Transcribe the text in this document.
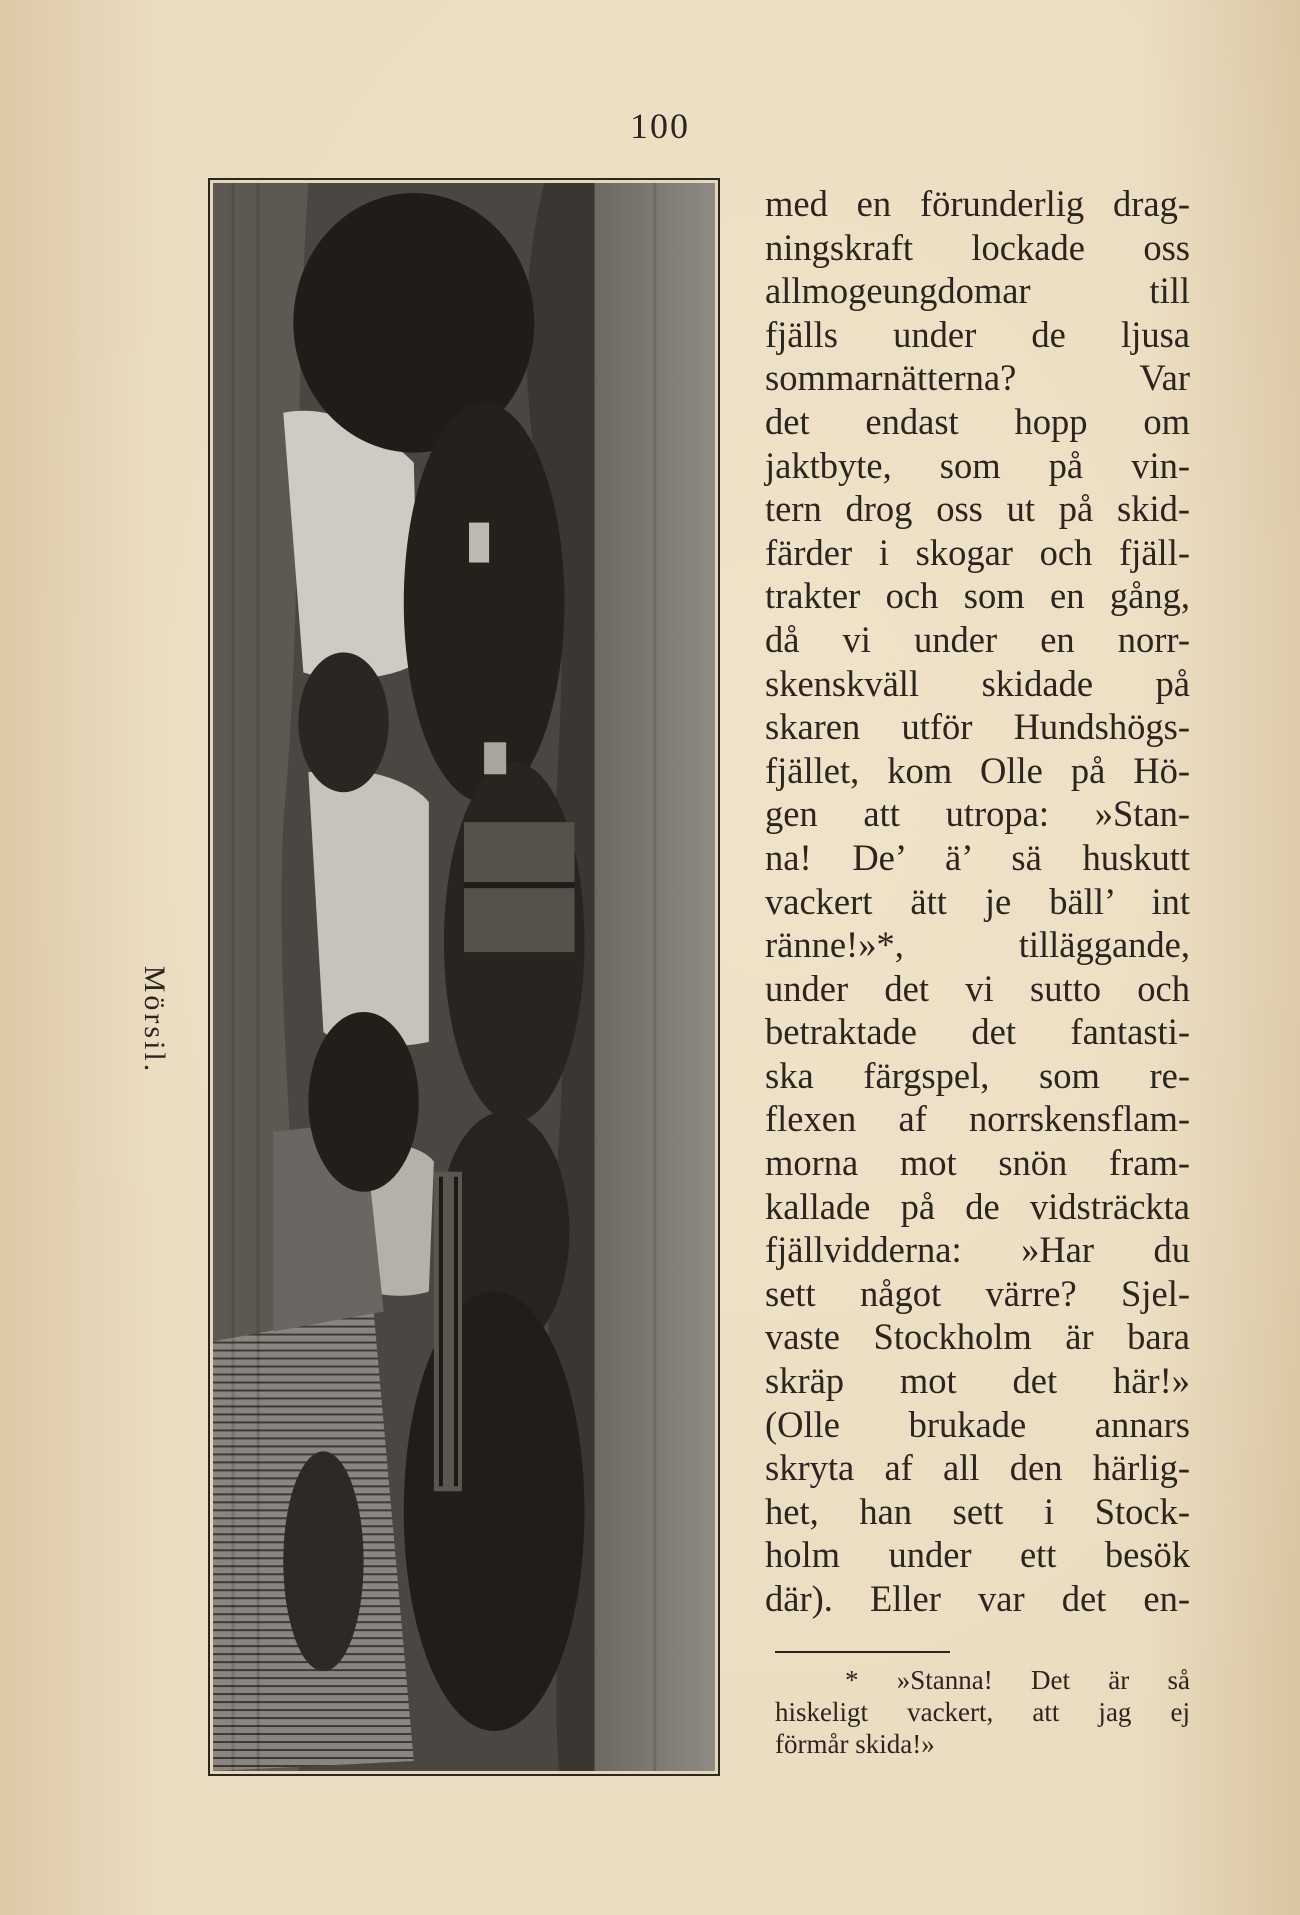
100
Mörsil.
med en förunderlig drag-
ningskraft lockade oss
allmogeungdomar till
fjälls under de ljusa
sommarnätterna? Var
det endast hopp om
jaktbyte, som på vin-
tern drog oss ut på skid-
färder i skogar och fjäll-
trakter och som en gång,
då vi under en norr-
skenskväll skidade på
skaren utför Hundshögs-
fjället, kom Olle på Hö-
gen att utropa: »Stan-
na! De’ ä’ sä huskutt
vackert ätt je bäll’ int
ränne!»*, tilläggande,
under det vi sutto och
betraktade det fantasti-
ska färgspel, som re-
flexen af norrskensflam-
morna mot snön fram-
kallade på de vidsträckta
fjällvidderna: »Har du
sett något värre? Sjel-
vaste Stockholm är bara
skräp mot det här!»
(Olle brukade annars
skryta af all den härlig-
het, han sett i Stock-
holm under ett besök
där). Eller var det en-
* »Stanna! Det är så
hiskeligt vackert, att jag ej
förmår skida!»
